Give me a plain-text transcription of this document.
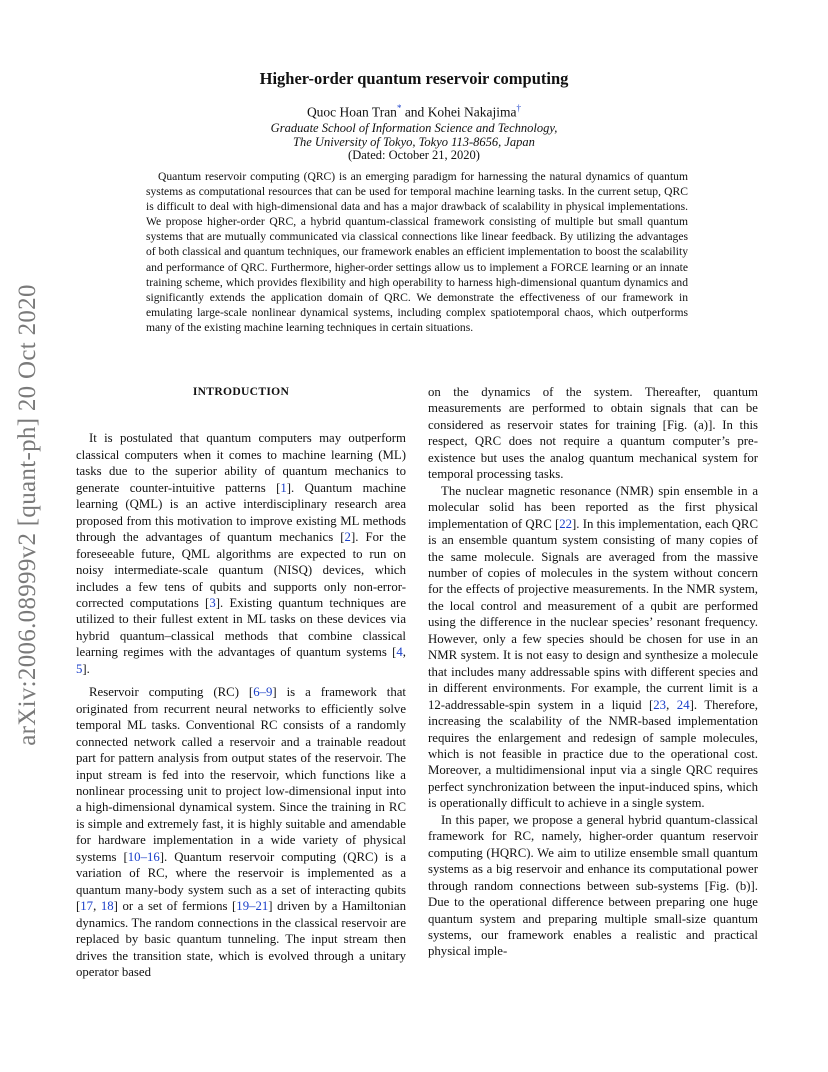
arXiv:2006.08999v2 [quant-ph] 20 Oct 2020
Higher-order quantum reservoir computing
Quoc Hoan Tran* and Kohei Nakajima†
Graduate School of Information Science and Technology,
The University of Tokyo, Tokyo 113-8656, Japan
(Dated: October 21, 2020)

Quantum reservoir computing (QRC) is an emerging paradigm for harnessing the natural dynamics of quantum systems as computational resources that can be used for temporal machine learning tasks. In the current setup, QRC is difficult to deal with high-dimensional data and has a major drawback of scalability in physical implementations. We propose higher-order QRC, a hybrid quantum-classical framework consisting of multiple but small quantum systems that are mutually communicated via classical connections like linear feedback. By utilizing the advantages of both classical and quantum techniques, our framework enables an efficient implementation to boost the scalability and performance of QRC. Furthermore, higher-order settings allow us to implement a FORCE learning or an innate training scheme, which provides flexibility and high operability to harness high-dimensional quantum dynamics and significantly extends the application domain of QRC. We demonstrate the effectiveness of our framework in emulating large-scale nonlinear dynamical systems, including complex spatiotemporal chaos, which outperforms many of the existing machine learning techniques in certain situations.

INTRODUCTION

It is postulated that quantum computers may outperform classical computers when it comes to machine learning (ML) tasks due to the superior ability of quantum mechanics to generate counter-intuitive patterns [1]. Quantum machine learning (QML) is an active interdisciplinary research area proposed from this motivation to improve existing ML methods through the advantages of quantum mechanics [2]. For the foreseeable future, QML algorithms are expected to run on noisy intermediate-scale quantum (NISQ) devices, which includes a few tens of qubits and supports only non-error-corrected computations [3]. Existing quantum techniques are utilized to their fullest extent in ML tasks on these devices via hybrid quantum–classical methods that combine classical learning regimes with the advantages of quantum systems [4, 5].

Reservoir computing (RC) [6–9] is a framework that originated from recurrent neural networks to efficiently solve temporal ML tasks. Conventional RC consists of a randomly connected network called a reservoir and a trainable readout part for pattern analysis from output states of the reservoir. The input stream is fed into the reservoir, which functions like a nonlinear processing unit to project low-dimensional input into a high-dimensional dynamical system. Since the training in RC is simple and extremely fast, it is highly suitable and amendable for hardware implementation in a wide variety of physical systems [10–16]. Quantum reservoir computing (QRC) is a variation of RC, where the reservoir is implemented as a quantum many-body system such as a set of interacting qubits [17, 18] or a set of fermions [19–21] driven by a Hamiltonian dynamics. The random connections in the classical reservoir are replaced by basic quantum tunneling. The input stream then drives the transition state, which is evolved through a unitary operator based

on the dynamics of the system. Thereafter, quantum measurements are performed to obtain signals that can be considered as reservoir states for training [Fig. (a)]. In this respect, QRC does not require a quantum computer’s pre-existence but uses the analog quantum mechanical system for temporal processing tasks.

The nuclear magnetic resonance (NMR) spin ensemble in a molecular solid has been reported as the first physical implementation of QRC [22]. In this implementation, each QRC is an ensemble quantum system consisting of many copies of the same molecule. Signals are averaged from the massive number of copies of molecules in the system without concern for the effects of projective measurements. In the NMR system, the local control and measurement of a qubit are performed using the difference in the nuclear species’ resonant frequency. However, only a few species should be chosen for use in an NMR system. It is not easy to design and synthesize a molecule that includes many addressable spins with different species and in different environments. For example, the current limit is a 12-addressable-spin system in a liquid [23, 24]. Therefore, increasing the scalability of the NMR-based implementation requires the enlargement and redesign of sample molecules, which is not feasible in practice due to the operational cost. Moreover, a multidimensional input via a single QRC requires perfect synchronization between the input-induced spins, which is operationally difficult to achieve in a single system.

In this paper, we propose a general hybrid quantum-classical framework for RC, namely, higher-order quantum reservoir computing (HQRC). We aim to utilize ensemble small quantum systems as a big reservoir and enhance its computational power through random connections between sub-systems [Fig. (b)]. Due to the operational difference between preparing one huge quantum system and preparing multiple small-size quantum systems, our framework enables a realistic and practical physical imple-
